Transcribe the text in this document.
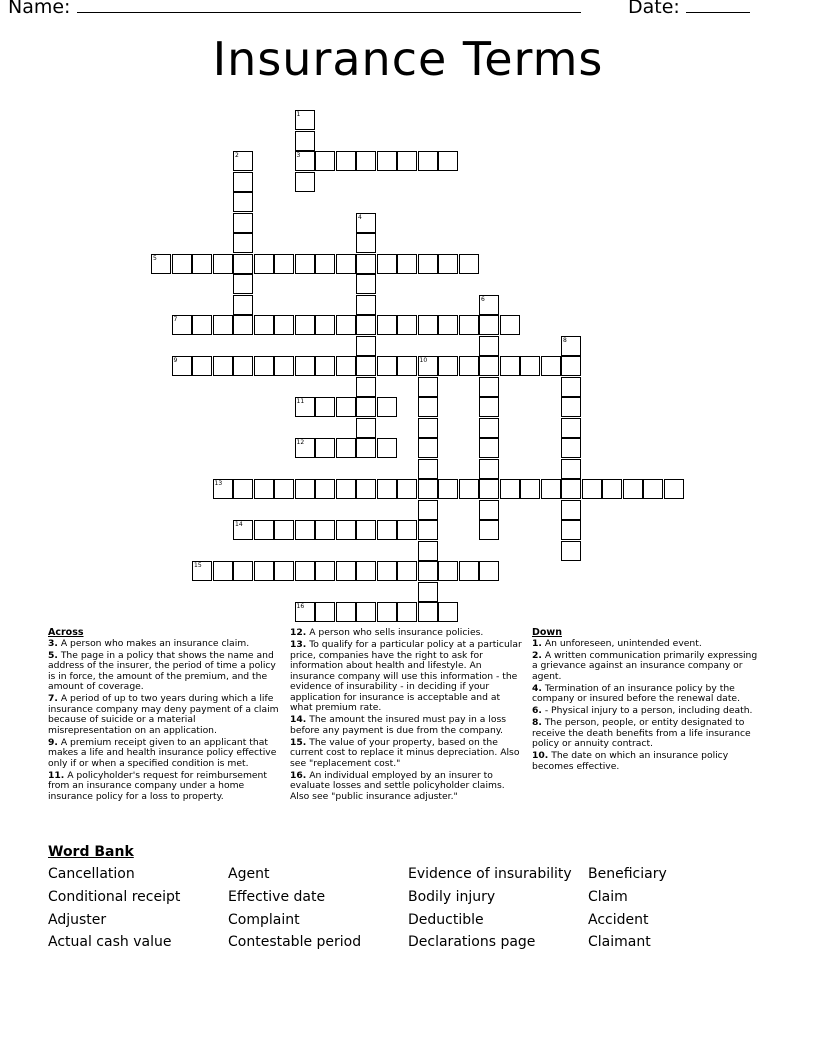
Name:	Date:
Insurance Terms
1
3
2
4
5
6
7
8
9	10
11
12
13
14
15
16
Across
3. A person who makes an insurance claim.
5. The page in a policy that shows the name and address of the insurer, the period of time a policy is in force, the amount of the premium, and the amount of coverage.
7. A period of up to two years during which a life insurance company may deny payment of a claim because of suicide or a material misrepresentation on an application.
9. A premium receipt given to an applicant that makes a life and health insurance policy effective only if or when a specified condition is met.
11. A policyholder's request for reimbursement from an insurance company under a home insurance policy for a loss to property.
12. A person who sells insurance policies.
13. To qualify for a particular policy at a particular price, companies have the right to ask for information about health and lifestyle. An insurance company will use this information - the evidence of insurability - in deciding if your application for insurance is acceptable and at what premium rate.
14. The amount the insured must pay in a loss before any payment is due from the company.
15. The value of your property, based on the current cost to replace it minus depreciation. Also see "replacement cost."
16. An individual employed by an insurer to evaluate losses and settle policyholder claims. Also see "public insurance adjuster."
Down
1. An unforeseen, unintended event.
2. A written communication primarily expressing a grievance against an insurance company or agent.
4. Termination of an insurance policy by the company or insured before the renewal date.
6. - Physical injury to a person, including death.
8. The person, people, or entity designated to receive the death benefits from a life insurance policy or annuity contract.
10. The date on which an insurance policy becomes effective.
Word Bank
Cancellation
Conditional receipt
Adjuster
Actual cash value
Agent
Effective date
Complaint
Contestable period
Evidence of insurability
Bodily injury
Deductible
Declarations page
Beneficiary
Claim
Accident
Claimant
